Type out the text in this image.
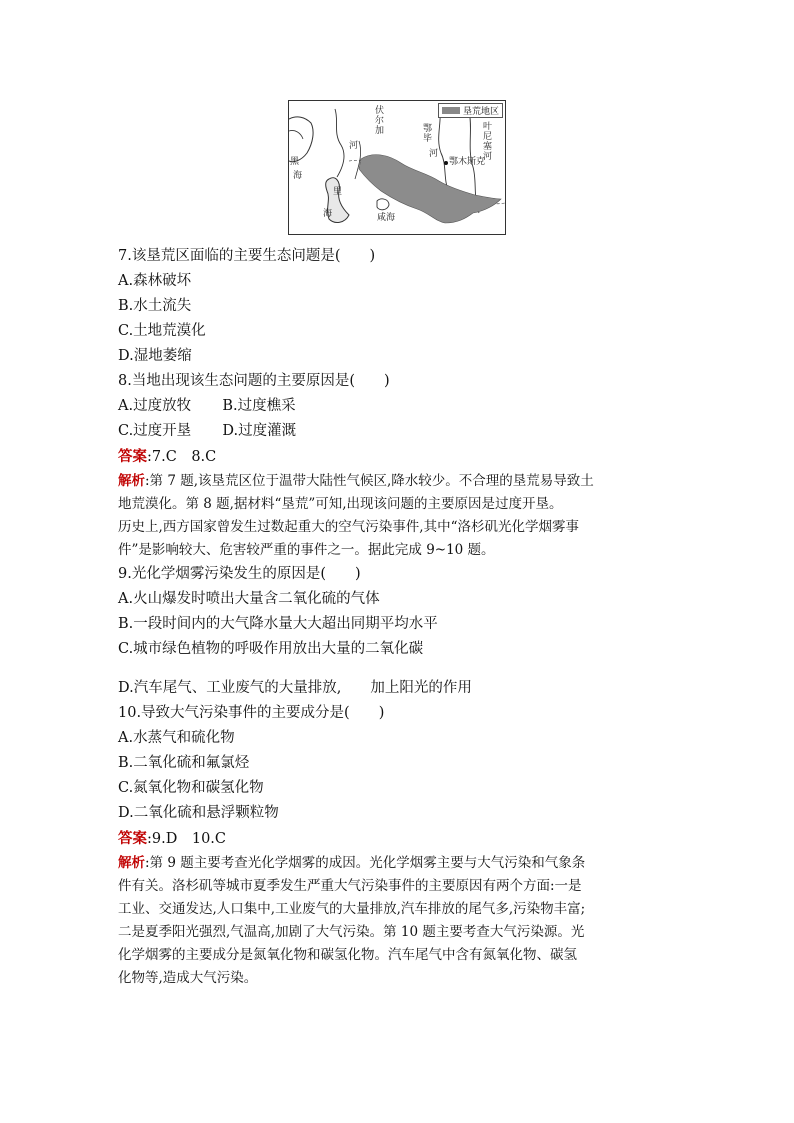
垦荒地区
黑
海
伏尔加
河
里
海	咸海
鄂毕
河	叶尼塞河
鄂木斯克
7.该垦荒区面临的主要生态问题是(　　)
A.森林破坏
B.水土流失
C.土地荒漠化
D.湿地萎缩
8.当地出现该生态问题的主要原因是(　　)
A.过度放牧 B.过度樵采
C.过度开垦 D.过度灌溉
答案:7.C　8.C
解析:第 7 题,该垦荒区位于温带大陆性气候区,降水较少。不合理的垦荒易导致土
地荒漠化。第 8 题,据材料“垦荒”可知,出现该问题的主要原因是过度开垦。
历史上,西方国家曾发生过数起重大的空气污染事件,其中“洛杉矶光化学烟雾事
件”是影响较大、危害较严重的事件之一。据此完成 9~10 题。
9.光化学烟雾污染发生的原因是(　　)
A.火山爆发时喷出大量含二氧化硫的气体
B.一段时间内的大气降水量大大超出同期平均水平
C.城市绿色植物的呼吸作用放出大量的二氧化碳
D.汽车尾气、工业废气的大量排放,　　加上阳光的作用
10.导致大气污染事件的主要成分是(　　)
A.水蒸气和硫化物
B.二氧化硫和氟氯烃
C.氮氧化物和碳氢化物
D.二氧化硫和悬浮颗粒物
答案:9.D　10.C
解析:第 9 题主要考查光化学烟雾的成因。光化学烟雾主要与大气污染和气象条
件有关。洛杉矶等城市夏季发生严重大气污染事件的主要原因有两个方面:一是
工业、交通发达,人口集中,工业废气的大量排放,汽车排放的尾气多,污染物丰富;
二是夏季阳光强烈,气温高,加剧了大气污染。第 10 题主要考查大气污染源。光
化学烟雾的主要成分是氮氧化物和碳氢化物。汽车尾气中含有氮氧化物、碳氢
化物等,造成大气污染。
